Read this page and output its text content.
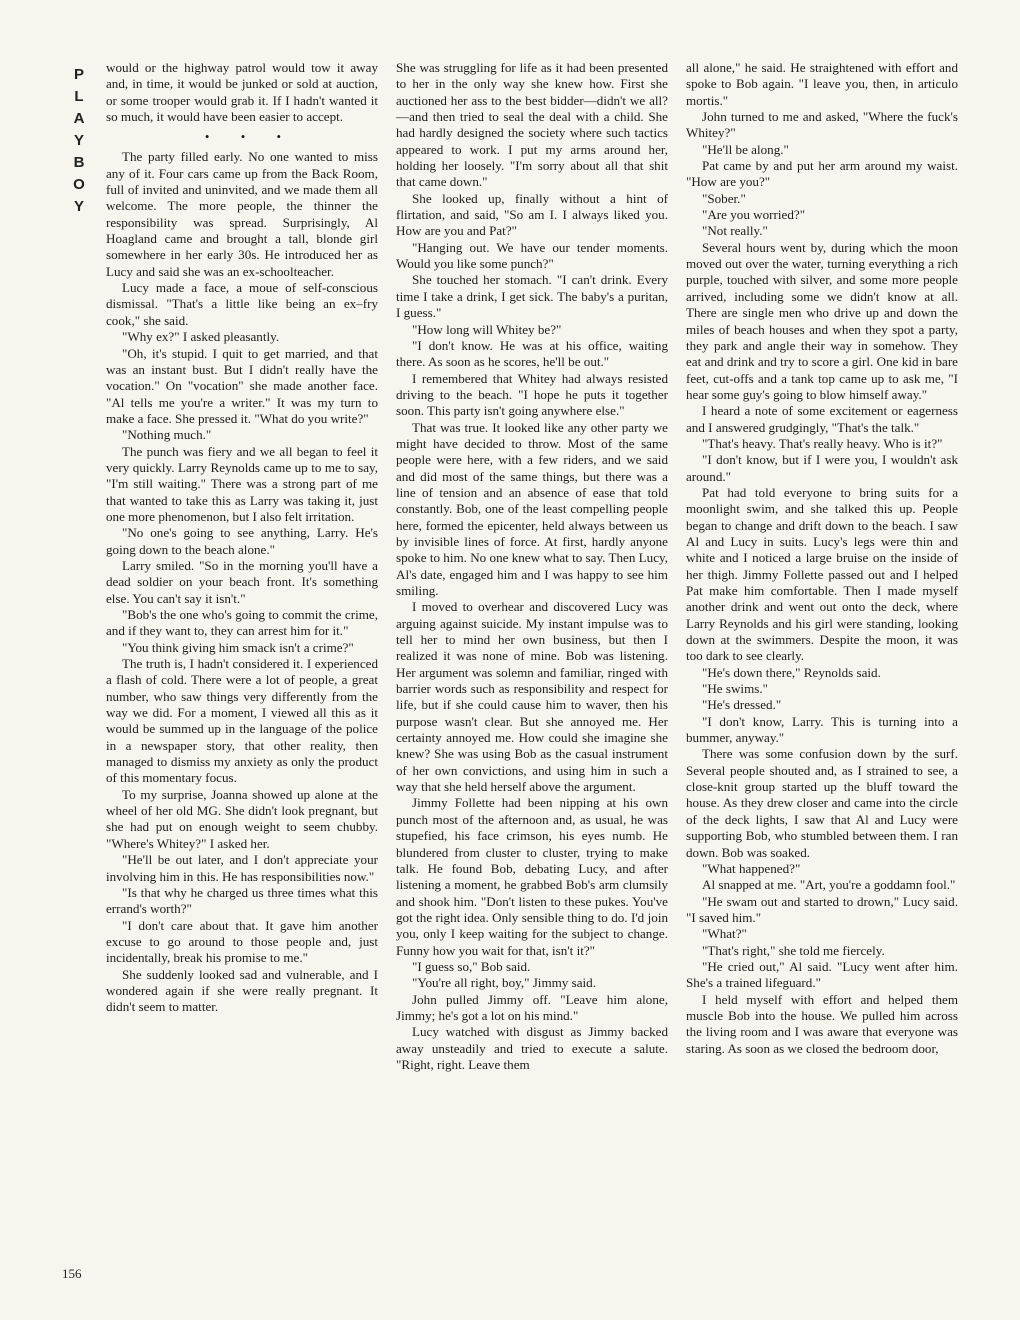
P
L
A
Y
B
O
Y
156

would or the highway patrol would tow it away and, in time, it would be junked or sold at auction, or some trooper would grab it. If I hadn't wanted it so much, it would have been easier to accept.

• • •

The party filled early. No one wanted to miss any of it. Four cars came up from the Back Room, full of invited and uninvited, and we made them all welcome. The more people, the thinner the responsibility was spread. Surprisingly, Al Hoagland came and brought a tall, blonde girl somewhere in her early 30s. He introduced her as Lucy and said she was an ex-schoolteacher.

Lucy made a face, a moue of self-conscious dismissal. "That's a little like being an ex–fry cook," she said.

"Why ex?" I asked pleasantly.

"Oh, it's stupid. I quit to get married, and that was an instant bust. But I didn't really have the vocation." On "vocation" she made another face. "Al tells me you're a writer." It was my turn to make a face. She pressed it. "What do you write?"

"Nothing much."

The punch was fiery and we all began to feel it very quickly. Larry Reynolds came up to me to say, "I'm still waiting." There was a strong part of me that wanted to take this as Larry was taking it, just one more phenomenon, but I also felt irritation.

"No one's going to see anything, Larry. He's going down to the beach alone."

Larry smiled. "So in the morning you'll have a dead soldier on your beach front. It's something else. You can't say it isn't."

"Bob's the one who's going to commit the crime, and if they want to, they can arrest him for it."

"You think giving him smack isn't a crime?"

The truth is, I hadn't considered it. I experienced a flash of cold. There were a lot of people, a great number, who saw things very differently from the way we did. For a moment, I viewed all this as it would be summed up in the language of the police in a newspaper story, that other reality, then managed to dismiss my anxiety as only the product of this momentary focus.

To my surprise, Joanna showed up alone at the wheel of her old MG. She didn't look pregnant, but she had put on enough weight to seem chubby. "Where's Whitey?" I asked her.

"He'll be out later, and I don't appreciate your involving him in this. He has responsibilities now."

"Is that why he charged us three times what this errand's worth?"

"I don't care about that. It gave him another excuse to go around to those people and, just incidentally, break his promise to me."

She suddenly looked sad and vulnerable, and I wondered again if she were really pregnant. It didn't seem to matter.

She was struggling for life as it had been presented to her in the only way she knew how. First she auctioned her ass to the best bidder—didn't we all?—and then tried to seal the deal with a child. She had hardly designed the society where such tactics appeared to work. I put my arms around her, holding her loosely. "I'm sorry about all that shit that came down."

She looked up, finally without a hint of flirtation, and said, "So am I. I always liked you. How are you and Pat?"

"Hanging out. We have our tender moments. Would you like some punch?"

She touched her stomach. "I can't drink. Every time I take a drink, I get sick. The baby's a puritan, I guess."

"How long will Whitey be?"

"I don't know. He was at his office, waiting there. As soon as he scores, he'll be out."

I remembered that Whitey had always resisted driving to the beach. "I hope he puts it together soon. This party isn't going anywhere else."

That was true. It looked like any other party we might have decided to throw. Most of the same people were here, with a few riders, and we said and did most of the same things, but there was a line of tension and an absence of ease that told constantly. Bob, one of the least compelling people here, formed the epicenter, held always between us by invisible lines of force. At first, hardly anyone spoke to him. No one knew what to say. Then Lucy, Al's date, engaged him and I was happy to see him smiling.

I moved to overhear and discovered Lucy was arguing against suicide. My instant impulse was to tell her to mind her own business, but then I realized it was none of mine. Bob was listening. Her argument was solemn and familiar, ringed with barrier words such as responsibility and respect for life, but if she could cause him to waver, then his purpose wasn't clear. But she annoyed me. Her certainty annoyed me. How could she imagine she knew? She was using Bob as the casual instrument of her own convictions, and using him in such a way that she held herself above the argument.

Jimmy Follette had been nipping at his own punch most of the afternoon and, as usual, he was stupefied, his face crimson, his eyes numb. He blundered from cluster to cluster, trying to make talk. He found Bob, debating Lucy, and after listening a moment, he grabbed Bob's arm clumsily and shook him. "Don't listen to these pukes. You've got the right idea. Only sensible thing to do. I'd join you, only I keep waiting for the subject to change. Funny how you wait for that, isn't it?"

"I guess so," Bob said.

"You're all right, boy," Jimmy said.

John pulled Jimmy off. "Leave him alone, Jimmy; he's got a lot on his mind."

Lucy watched with disgust as Jimmy backed away unsteadily and tried to execute a salute. "Right, right. Leave them

all alone," he said. He straightened with effort and spoke to Bob again. "I leave you, then, in articulo mortis."

John turned to me and asked, "Where the fuck's Whitey?"

"He'll be along."

Pat came by and put her arm around my waist. "How are you?"

"Sober."

"Are you worried?"

"Not really."

Several hours went by, during which the moon moved out over the water, turning everything a rich purple, touched with silver, and some more people arrived, including some we didn't know at all. There are single men who drive up and down the miles of beach houses and when they spot a party, they park and angle their way in somehow. They eat and drink and try to score a girl. One kid in bare feet, cut-offs and a tank top came up to ask me, "I hear some guy's going to blow himself away."

I heard a note of some excitement or eagerness and I answered grudgingly, "That's the talk."

"That's heavy. That's really heavy. Who is it?"

"I don't know, but if I were you, I wouldn't ask around."

Pat had told everyone to bring suits for a moonlight swim, and she talked this up. People began to change and drift down to the beach. I saw Al and Lucy in suits. Lucy's legs were thin and white and I noticed a large bruise on the inside of her thigh. Jimmy Follette passed out and I helped Pat make him comfortable. Then I made myself another drink and went out onto the deck, where Larry Reynolds and his girl were standing, looking down at the swimmers. Despite the moon, it was too dark to see clearly.

"He's down there," Reynolds said.

"He swims."

"He's dressed."

"I don't know, Larry. This is turning into a bummer, anyway."

There was some confusion down by the surf. Several people shouted and, as I strained to see, a close-knit group started up the bluff toward the house. As they drew closer and came into the circle of the deck lights, I saw that Al and Lucy were supporting Bob, who stumbled between them. I ran down. Bob was soaked.

"What happened?"

Al snapped at me. "Art, you're a goddamn fool."

"He swam out and started to drown," Lucy said. "I saved him."

"What?"

"That's right," she told me fiercely.

"He cried out," Al said. "Lucy went after him. She's a trained lifeguard."

I held myself with effort and helped them muscle Bob into the house. We pulled him across the living room and I was aware that everyone was staring. As soon as we closed the bedroom door,
